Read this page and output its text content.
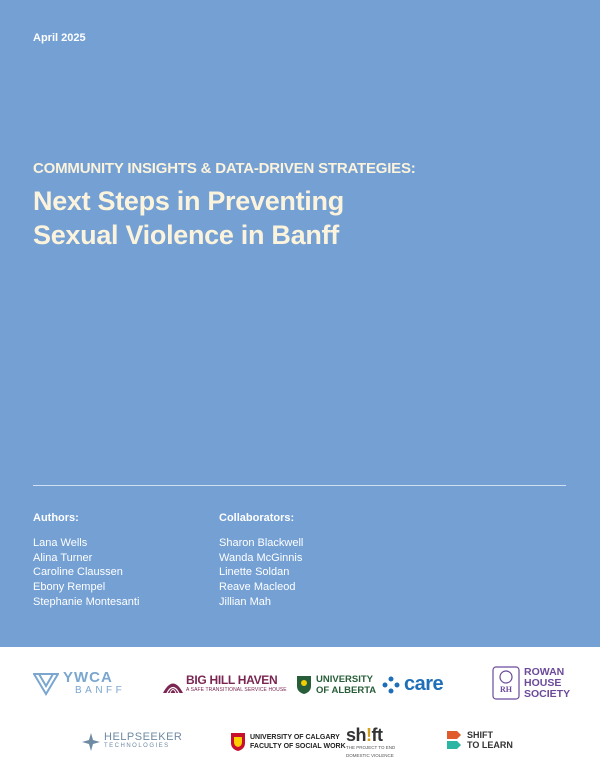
April 2025
COMMUNITY INSIGHTS & DATA-DRIVEN STRATEGIES:
Next Steps in Preventing
Sexual Violence in Banff
Authors:
Lana Wells
Alina Turner
Caroline Claussen
Ebony Rempel
Stephanie Montesanti
Collaborators:
Sharon Blackwell
Wanda McGinnis
Linette Soldan
Reave Macleod
Jillian Mah
YWCA
BANFF
BIG HILL HAVEN
A SAFE TRANSITIONAL SERVICE HOUSE
UNIVERSITY
OF ALBERTA care	RH
ROWAN
HOUSE
SOCIETY
HELPSEEKER
TECHNOLOGIES
UNIVERSITY OF CALGARY
FACULTY OF SOCIAL WORK
sh!ft
THE PROJECT TO END
DOMESTIC VIOLENCE
SHIFT
TO LEARN
